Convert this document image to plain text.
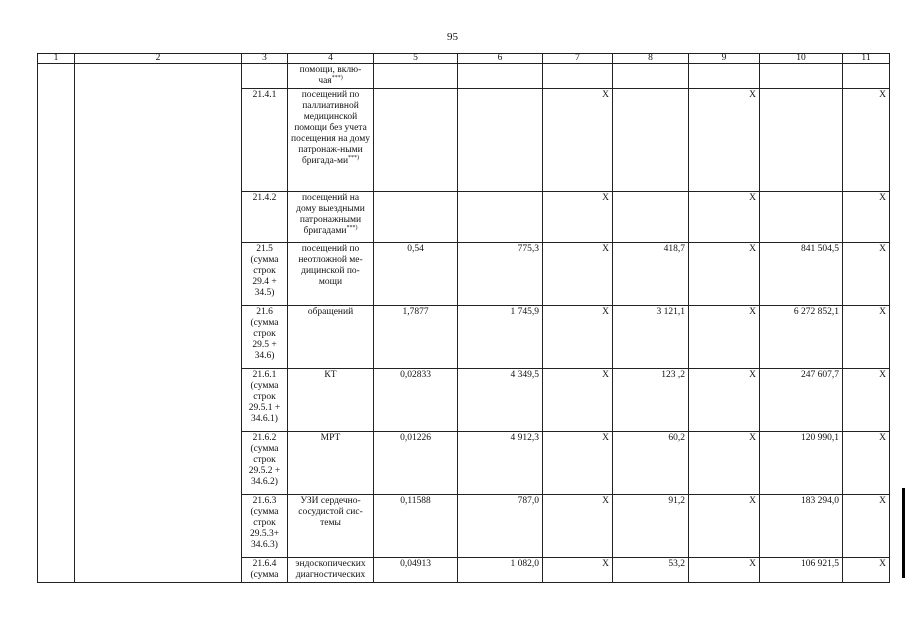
95
1	2	3	4	5	6	7	8	9	10	11
			помощи, вклю-чая***)							
		21.4.1	посещений по паллиативной медицинской помощи без учета посещения на дому патронаж-ными бригада-ми***)			X		X		X
		21.4.2	посещений на дому выездными патронажными бригадами***)			X		X		X
		21.5 (сумма строк 29.4 + 34.5)	посещений по неотложной ме-дицинской по-мощи	0,54	775,3	X	418,7	X	841 504,5	X
		21.6 (сумма строк 29.5 + 34.6)	обращений	1,7877	1 745,9	X	3 121,1	X	6 272 852,1	X
		21.6.1 (сумма строк 29.5.1 + 34.6.1)	КТ	0,02833	4 349,5	X	123 ,2	X	247 607,7	X
		21.6.2 (сумма строк 29.5.2 + 34.6.2)	МРТ	0,01226	4 912,3	X	60,2	X	120 990,1	X
		21.6.3 (сумма строк 29.5.3+ 34.6.3)	УЗИ сердечно-сосудистой сис-темы	0,11588	787,0	X	91,2	X	183 294,0	X
		21.6.4 (сумма	эндоскопических диагностических	0,04913	1 082,0	X	53,2	X	106 921,5	X
